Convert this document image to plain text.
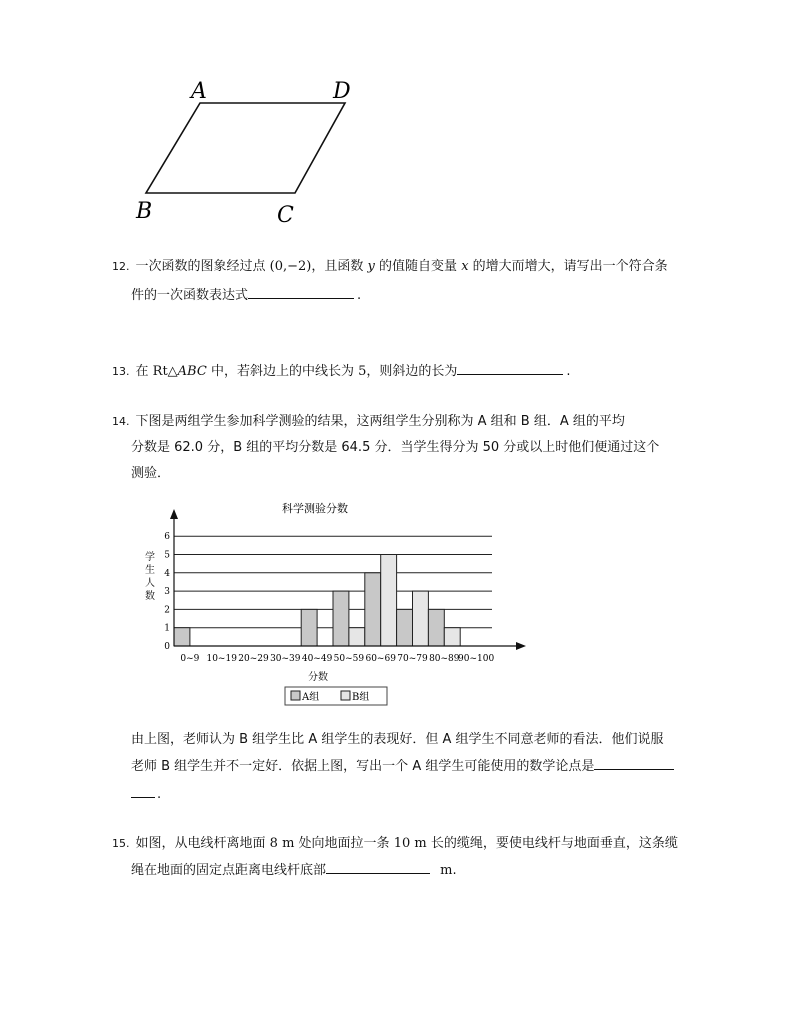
A	D
B	C
12. 一次函数的图象经过点 (0,−2)，且函数 y 的值随自变量 x 的增大而增大，请写出一个符合条
件的一次函数表达式	.
13. 在 Rt△ABC 中，若斜边上的中线长为 5，则斜边的长为	.
14. 下图是两组学生参加科学测验的结果，这两组学生分别称为 A 组和 B 组．A 组的平均
分数是 62.0 分，B 组的平均分数是 64.5 分．当学生得分为 50 分或以上时他们便通过这个
测验．
科学测验分数
学生人数
0
1
2
3
4
5
6
0~9 10~19 20~29 30~39 40~49 50~59 60~69 70~79 80~89
90~100
分数
A组	B组
由上图，老师认为 B 组学生比 A 组学生的表现好．但 A 组学生不同意老师的看法．他们说服
老师 B 组学生并不一定好．依据上图，写出一个 A 组学生可能使用的数学论点是
.
15. 如图，从电线杆离地面 8 m 处向地面拉一条 10 m 长的缆绳，要使电线杆与地面垂直，这条缆
绳在地面的固定点距离电线杆底部	m.
